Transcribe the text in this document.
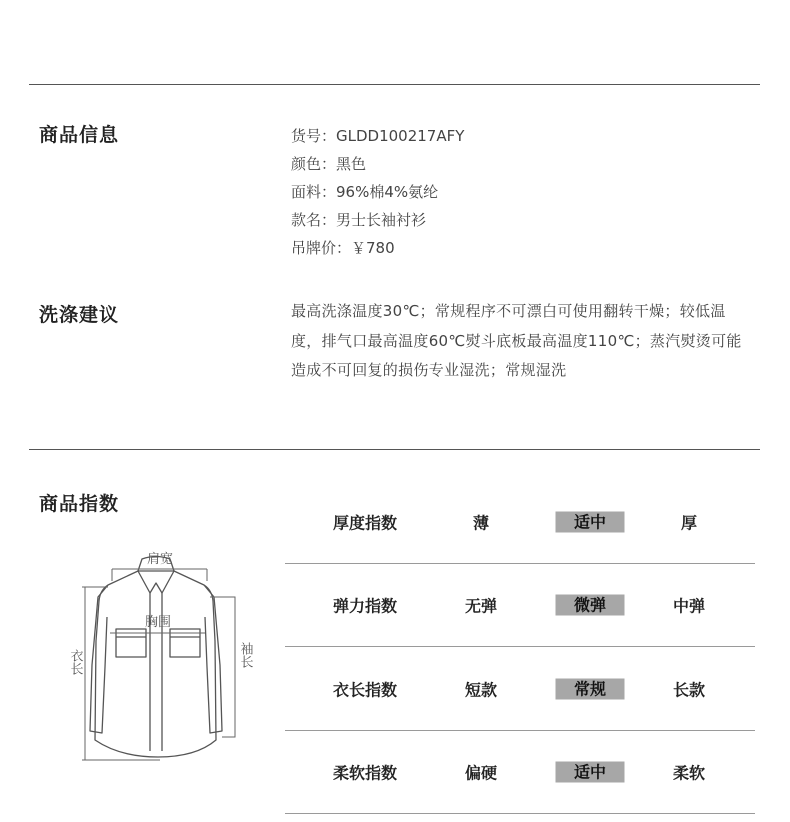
商品信息	货号：GLDD100217AFY
颜色：黑色
面料：96%棉4%氨纶
款名：男士长袖衬衫
吊牌价：￥780
洗涤建议	最高洗涤温度30℃；常规程序不可漂白可使用翻转干燥；较低温度，排气口最高温度60℃熨斗底板最高温度110℃；蒸汽熨烫可能造成不可回复的损伤专业湿洗；常规湿洗
商品指数
肩宽
胸围
衣长	袖长
厚度指数	薄	适中	厚
弹力指数	无弹	微弹	中弹
衣长指数	短款	常规	长款
柔软指数	偏硬	适中	柔软
